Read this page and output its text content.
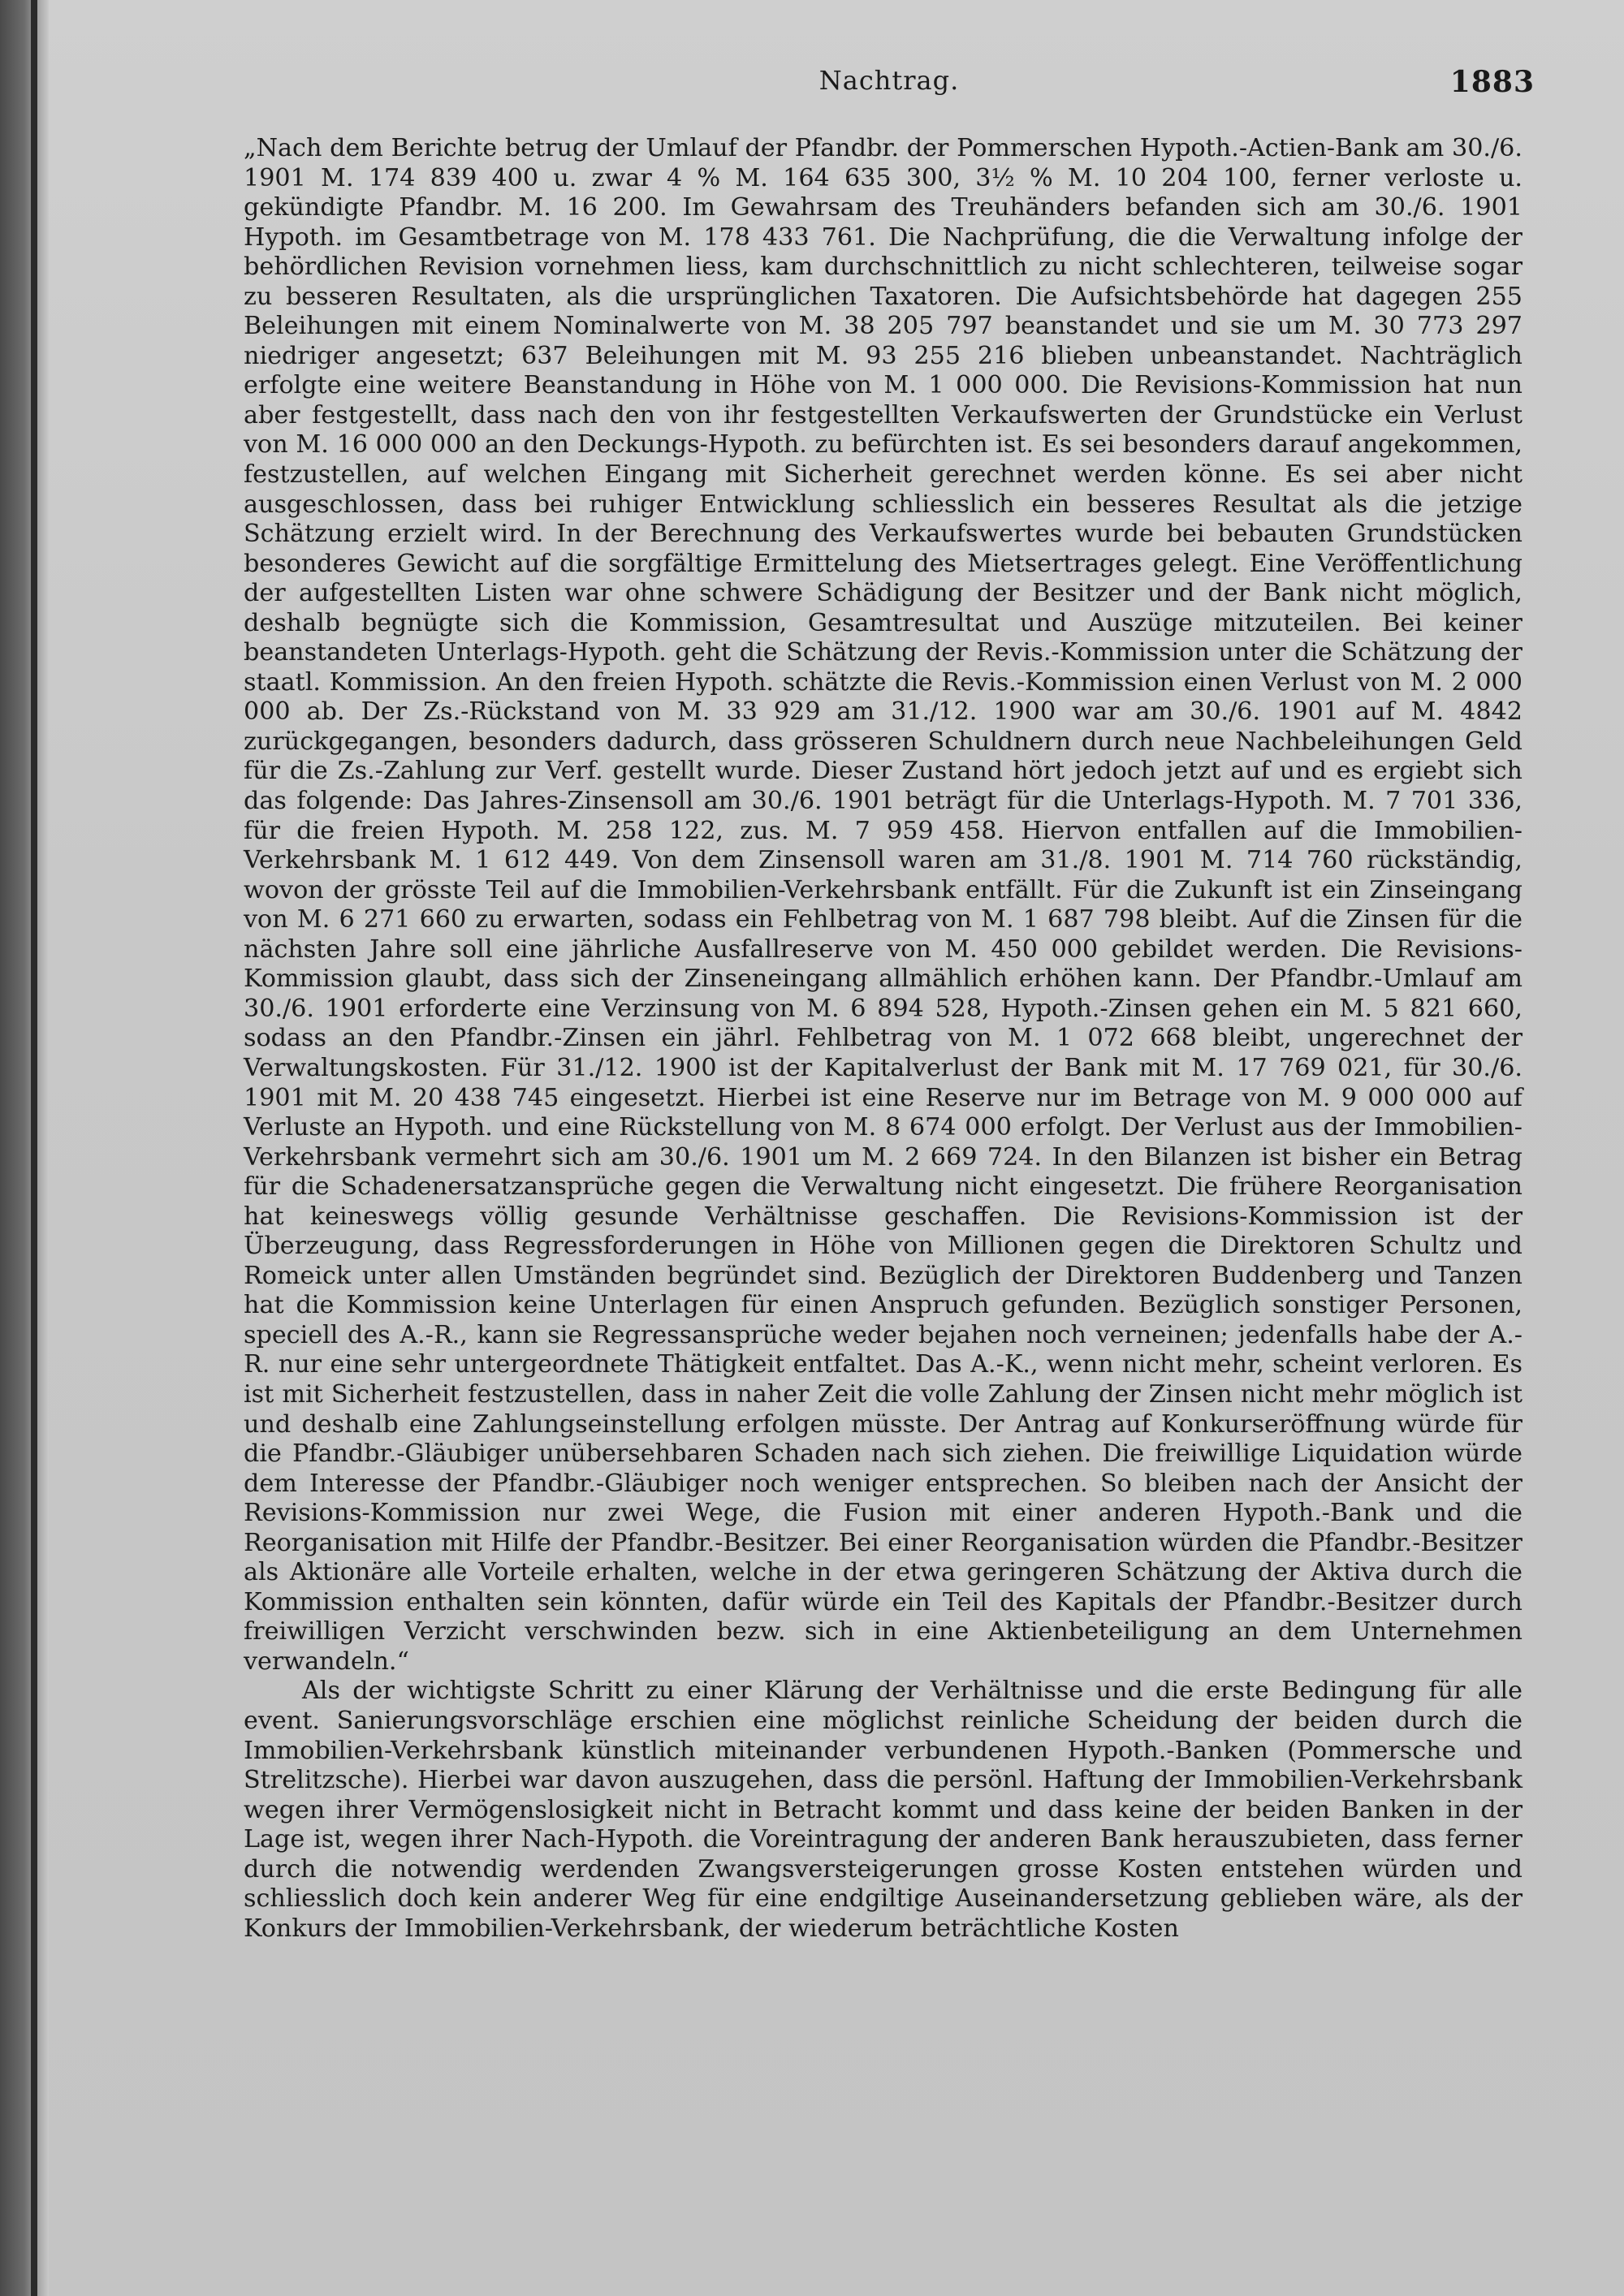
Nachtrag.	1883

„Nach dem Berichte betrug der Umlauf der Pfandbr. der Pommerschen Hypoth.-Actien-Bank am 30./6. 1901 M. 174 839 400 u. zwar 4 % M. 164 635 300, 3½ % M. 10 204 100, ferner verloste u. gekündigte Pfandbr. M. 16 200. Im Gewahrsam des Treuhänders befanden sich am 30./6. 1901 Hypoth. im Gesamtbetrage von M. 178 433 761. Die Nachprüfung, die die Verwaltung infolge der behördlichen Revision vornehmen liess, kam durchschnittlich zu nicht schlechteren, teilweise sogar zu besseren Resultaten, als die ursprünglichen Taxatoren. Die Aufsichtsbehörde hat dagegen 255 Beleihungen mit einem Nominalwerte von M. 38 205 797 beanstandet und sie um M. 30 773 297 niedriger angesetzt; 637 Beleihungen mit M. 93 255 216 blieben unbeanstandet. Nachträglich erfolgte eine weitere Beanstandung in Höhe von M. 1 000 000. Die Revisions-Kommission hat nun aber festgestellt, dass nach den von ihr festgestellten Verkaufswerten der Grundstücke ein Verlust von M. 16 000 000 an den Deckungs-Hypoth. zu befürchten ist. Es sei besonders darauf angekommen, festzustellen, auf welchen Eingang mit Sicherheit gerechnet werden könne. Es sei aber nicht ausgeschlossen, dass bei ruhiger Entwicklung schliesslich ein besseres Resultat als die jetzige Schätzung erzielt wird. In der Berechnung des Verkaufswertes wurde bei bebauten Grundstücken besonderes Gewicht auf die sorgfältige Ermittelung des Mietsertrages gelegt. Eine Veröffentlichung der aufgestellten Listen war ohne schwere Schädigung der Besitzer und der Bank nicht möglich, deshalb begnügte sich die Kommission, Gesamtresultat und Auszüge mitzuteilen. Bei keiner beanstandeten Unterlags-Hypoth. geht die Schätzung der Revis.-Kommission unter die Schätzung der staatl. Kommission. An den freien Hypoth. schätzte die Revis.-Kommission einen Verlust von M. 2 000 000 ab. Der Zs.-Rückstand von M. 33 929 am 31./12. 1900 war am 30./6. 1901 auf M. 4842 zurückgegangen, besonders dadurch, dass grösseren Schuldnern durch neue Nachbeleihungen Geld für die Zs.-Zahlung zur Verf. gestellt wurde. Dieser Zustand hört jedoch jetzt auf und es ergiebt sich das folgende: Das Jahres-Zinsensoll am 30./6. 1901 beträgt für die Unterlags-Hypoth. M. 7 701 336, für die freien Hypoth. M. 258 122, zus. M. 7 959 458. Hiervon entfallen auf die Immobilien-Verkehrsbank M. 1 612 449. Von dem Zinsensoll waren am 31./8. 1901 M. 714 760 rückständig, wovon der grösste Teil auf die Immobilien-Verkehrsbank entfällt. Für die Zukunft ist ein Zinseingang von M. 6 271 660 zu erwarten, sodass ein Fehlbetrag von M. 1 687 798 bleibt. Auf die Zinsen für die nächsten Jahre soll eine jährliche Ausfallreserve von M. 450 000 gebildet werden. Die Revisions-Kommission glaubt, dass sich der Zinseneingang allmählich erhöhen kann. Der Pfandbr.-Umlauf am 30./6. 1901 erforderte eine Verzinsung von M. 6 894 528, Hypoth.-Zinsen gehen ein M. 5 821 660, sodass an den Pfandbr.-Zinsen ein jährl. Fehlbetrag von M. 1 072 668 bleibt, ungerechnet der Verwaltungskosten. Für 31./12. 1900 ist der Kapitalverlust der Bank mit M. 17 769 021, für 30./6. 1901 mit M. 20 438 745 eingesetzt. Hierbei ist eine Reserve nur im Betrage von M. 9 000 000 auf Verluste an Hypoth. und eine Rückstellung von M. 8 674 000 erfolgt. Der Verlust aus der Immobilien-Verkehrsbank vermehrt sich am 30./6. 1901 um M. 2 669 724. In den Bilanzen ist bisher ein Betrag für die Schadenersatzansprüche gegen die Verwaltung nicht eingesetzt. Die frühere Reorganisation hat keineswegs völlig gesunde Verhältnisse geschaffen. Die Revisions-Kommission ist der Überzeugung, dass Regressforderungen in Höhe von Millionen gegen die Direktoren Schultz und Romeick unter allen Umständen begründet sind. Bezüglich der Direktoren Buddenberg und Tanzen hat die Kommission keine Unterlagen für einen Anspruch gefunden. Bezüglich sonstiger Personen, speciell des A.-R., kann sie Regressansprüche weder bejahen noch verneinen; jedenfalls habe der A.-R. nur eine sehr untergeordnete Thätigkeit entfaltet. Das A.-K., wenn nicht mehr, scheint verloren. Es ist mit Sicherheit festzustellen, dass in naher Zeit die volle Zahlung der Zinsen nicht mehr möglich ist und deshalb eine Zahlungseinstellung erfolgen müsste. Der Antrag auf Konkurseröffnung würde für die Pfandbr.-Gläubiger unübersehbaren Schaden nach sich ziehen. Die freiwillige Liquidation würde dem Interesse der Pfandbr.-Gläubiger noch weniger entsprechen. So bleiben nach der Ansicht der Revisions-Kommission nur zwei Wege, die Fusion mit einer anderen Hypoth.-Bank und die Reorganisation mit Hilfe der Pfandbr.-Besitzer. Bei einer Reorganisation würden die Pfandbr.-Besitzer als Aktionäre alle Vorteile erhalten, welche in der etwa geringeren Schätzung der Aktiva durch die Kommission enthalten sein könnten, dafür würde ein Teil des Kapitals der Pfandbr.-Besitzer durch freiwilligen Verzicht verschwinden bezw. sich in eine Aktienbeteiligung an dem Unternehmen verwandeln.“

Als der wichtigste Schritt zu einer Klärung der Verhältnisse und die erste Bedingung für alle event. Sanierungsvorschläge erschien eine möglichst reinliche Scheidung der beiden durch die Immobilien-Verkehrsbank künstlich miteinander verbundenen Hypoth.-Banken (Pommersche und Strelitzsche). Hierbei war davon auszugehen, dass die persönl. Haftung der Immobilien-Verkehrsbank wegen ihrer Vermögenslosigkeit nicht in Betracht kommt und dass keine der beiden Banken in der Lage ist, wegen ihrer Nach-Hypoth. die Voreintragung der anderen Bank herauszubieten, dass ferner durch die notwendig werdenden Zwangsversteigerungen grosse Kosten entstehen würden und schliesslich doch kein anderer Weg für eine endgiltige Auseinandersetzung geblieben wäre, als der Konkurs der Immobilien-Verkehrsbank, der wiederum beträchtliche Kosten
